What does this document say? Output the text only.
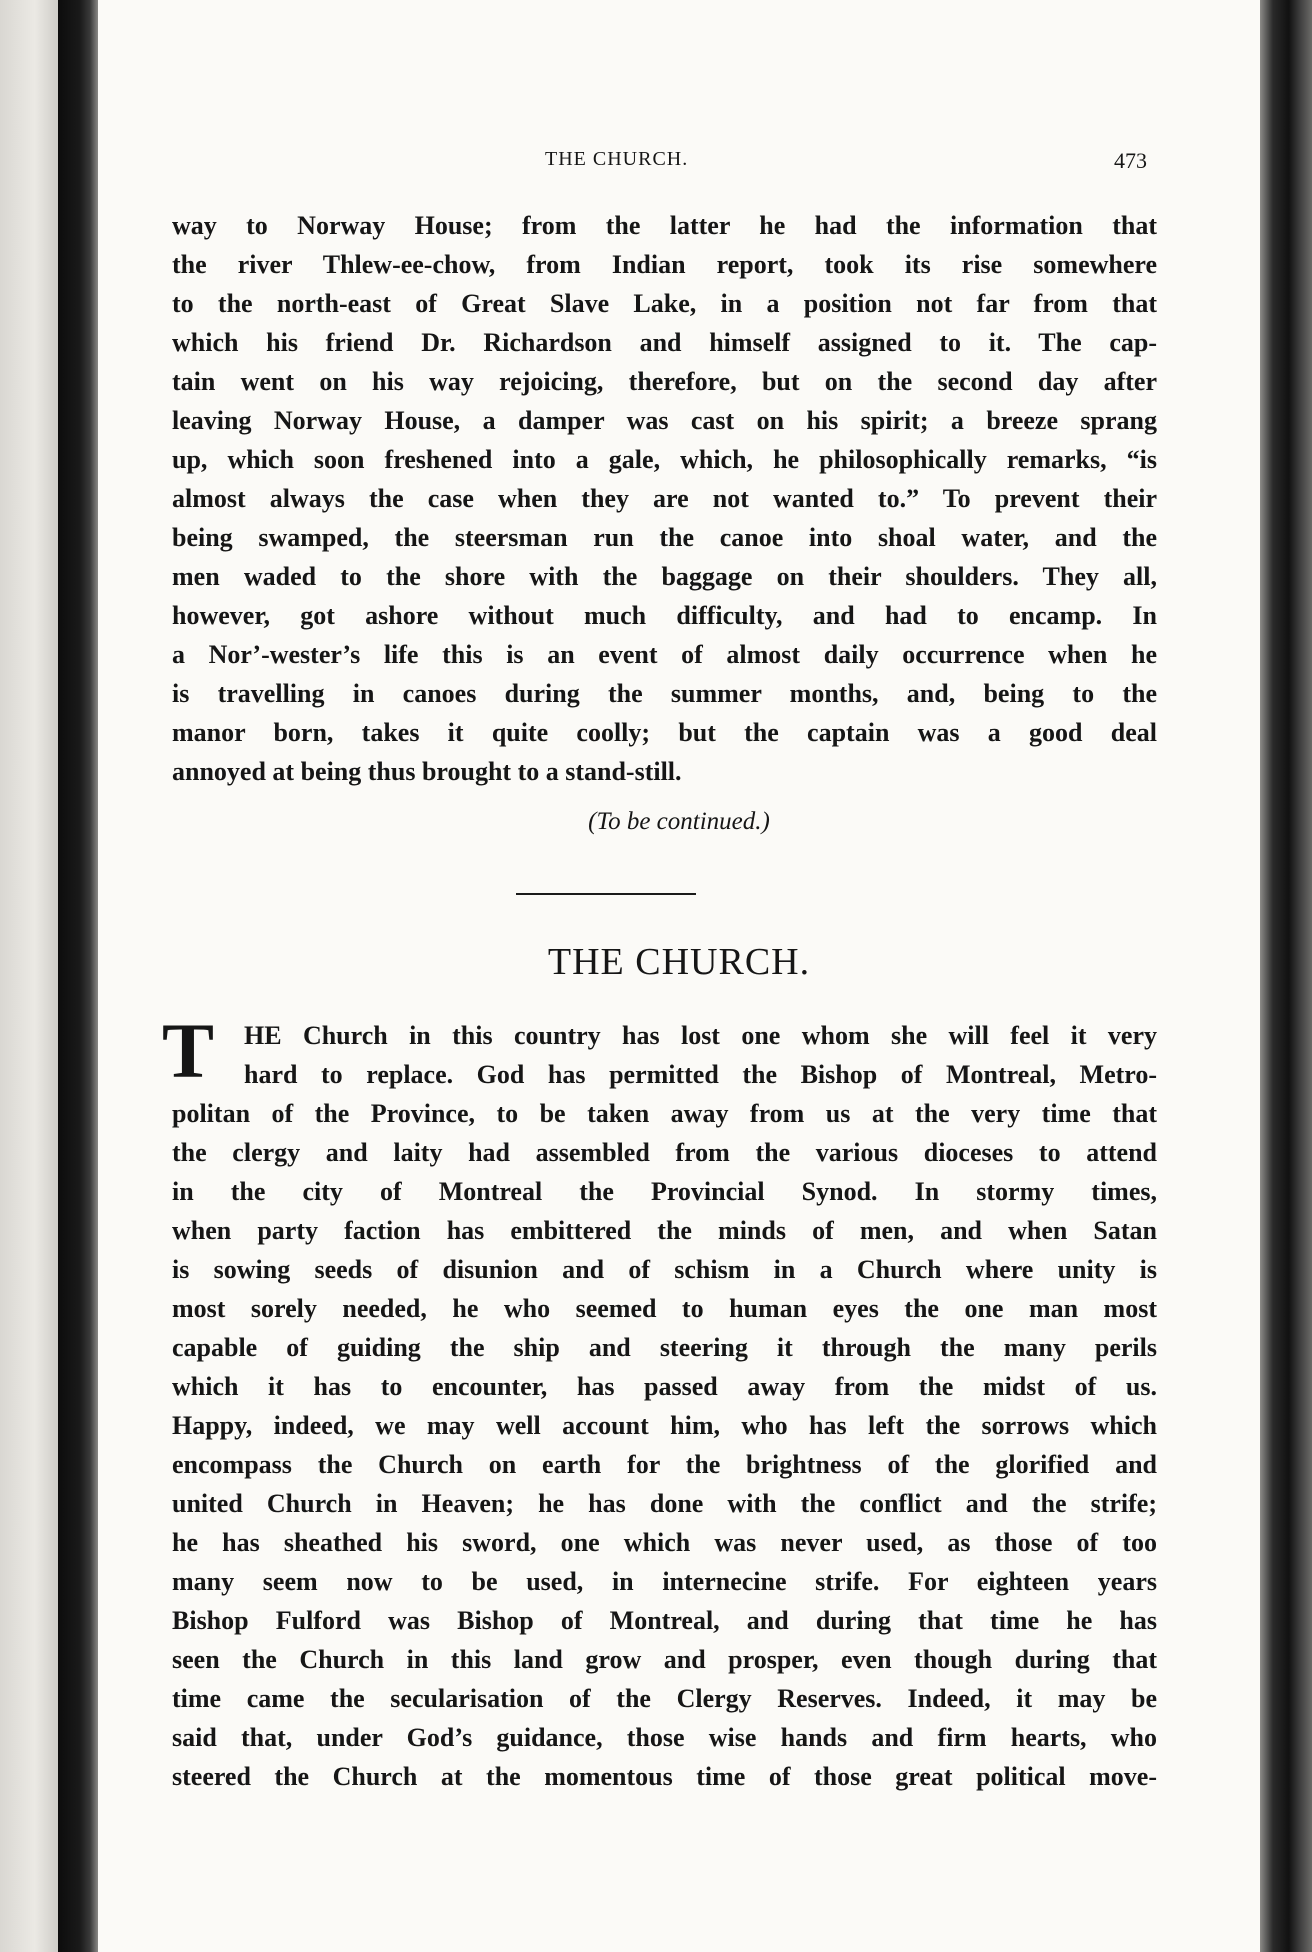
THE CHURCH.	473
way to Norway House; from the latter he had the information that
the river Thlew-ee-chow, from Indian report, took its rise somewhere
to the north-east of Great Slave Lake, in a position not far from that
which his friend Dr. Richardson and himself assigned to it. The cap-
tain went on his way rejoicing, therefore, but on the second day after
leaving Norway House, a damper was cast on his spirit; a breeze sprang
up, which soon freshened into a gale, which, he philosophically remarks, “is
almost always the case when they are not wanted to.” To prevent their
being swamped, the steersman run the canoe into shoal water, and the
men waded to the shore with the baggage on their shoulders. They all,
however, got ashore without much difficulty, and had to encamp. In
a Nor’-wester’s life this is an event of almost daily occurrence when he
is travelling in canoes during the summer months, and, being to the
manor born, takes it quite coolly; but the captain was a good deal
annoyed at being thus brought to a stand-still.
(To be continued.)
THE CHURCH.
T	HE Church in this country has lost one whom she will feel it very
hard to replace. God has permitted the Bishop of Montreal, Metro-
politan of the Province, to be taken away from us at the very time that
the clergy and laity had assembled from the various dioceses to attend
in the city of Montreal the Provincial Synod. In stormy times,
when party faction has embittered the minds of men, and when Satan
is sowing seeds of disunion and of schism in a Church where unity is
most sorely needed, he who seemed to human eyes the one man most
capable of guiding the ship and steering it through the many perils
which it has to encounter, has passed away from the midst of us.
Happy, indeed, we may well account him, who has left the sorrows which
encompass the Church on earth for the brightness of the glorified and
united Church in Heaven; he has done with the conflict and the strife;
he has sheathed his sword, one which was never used, as those of too
many seem now to be used, in internecine strife. For eighteen years
Bishop Fulford was Bishop of Montreal, and during that time he has
seen the Church in this land grow and prosper, even though during that
time came the secularisation of the Clergy Reserves. Indeed, it may be
said that, under God’s guidance, those wise hands and firm hearts, who
steered the Church at the momentous time of those great political move-
